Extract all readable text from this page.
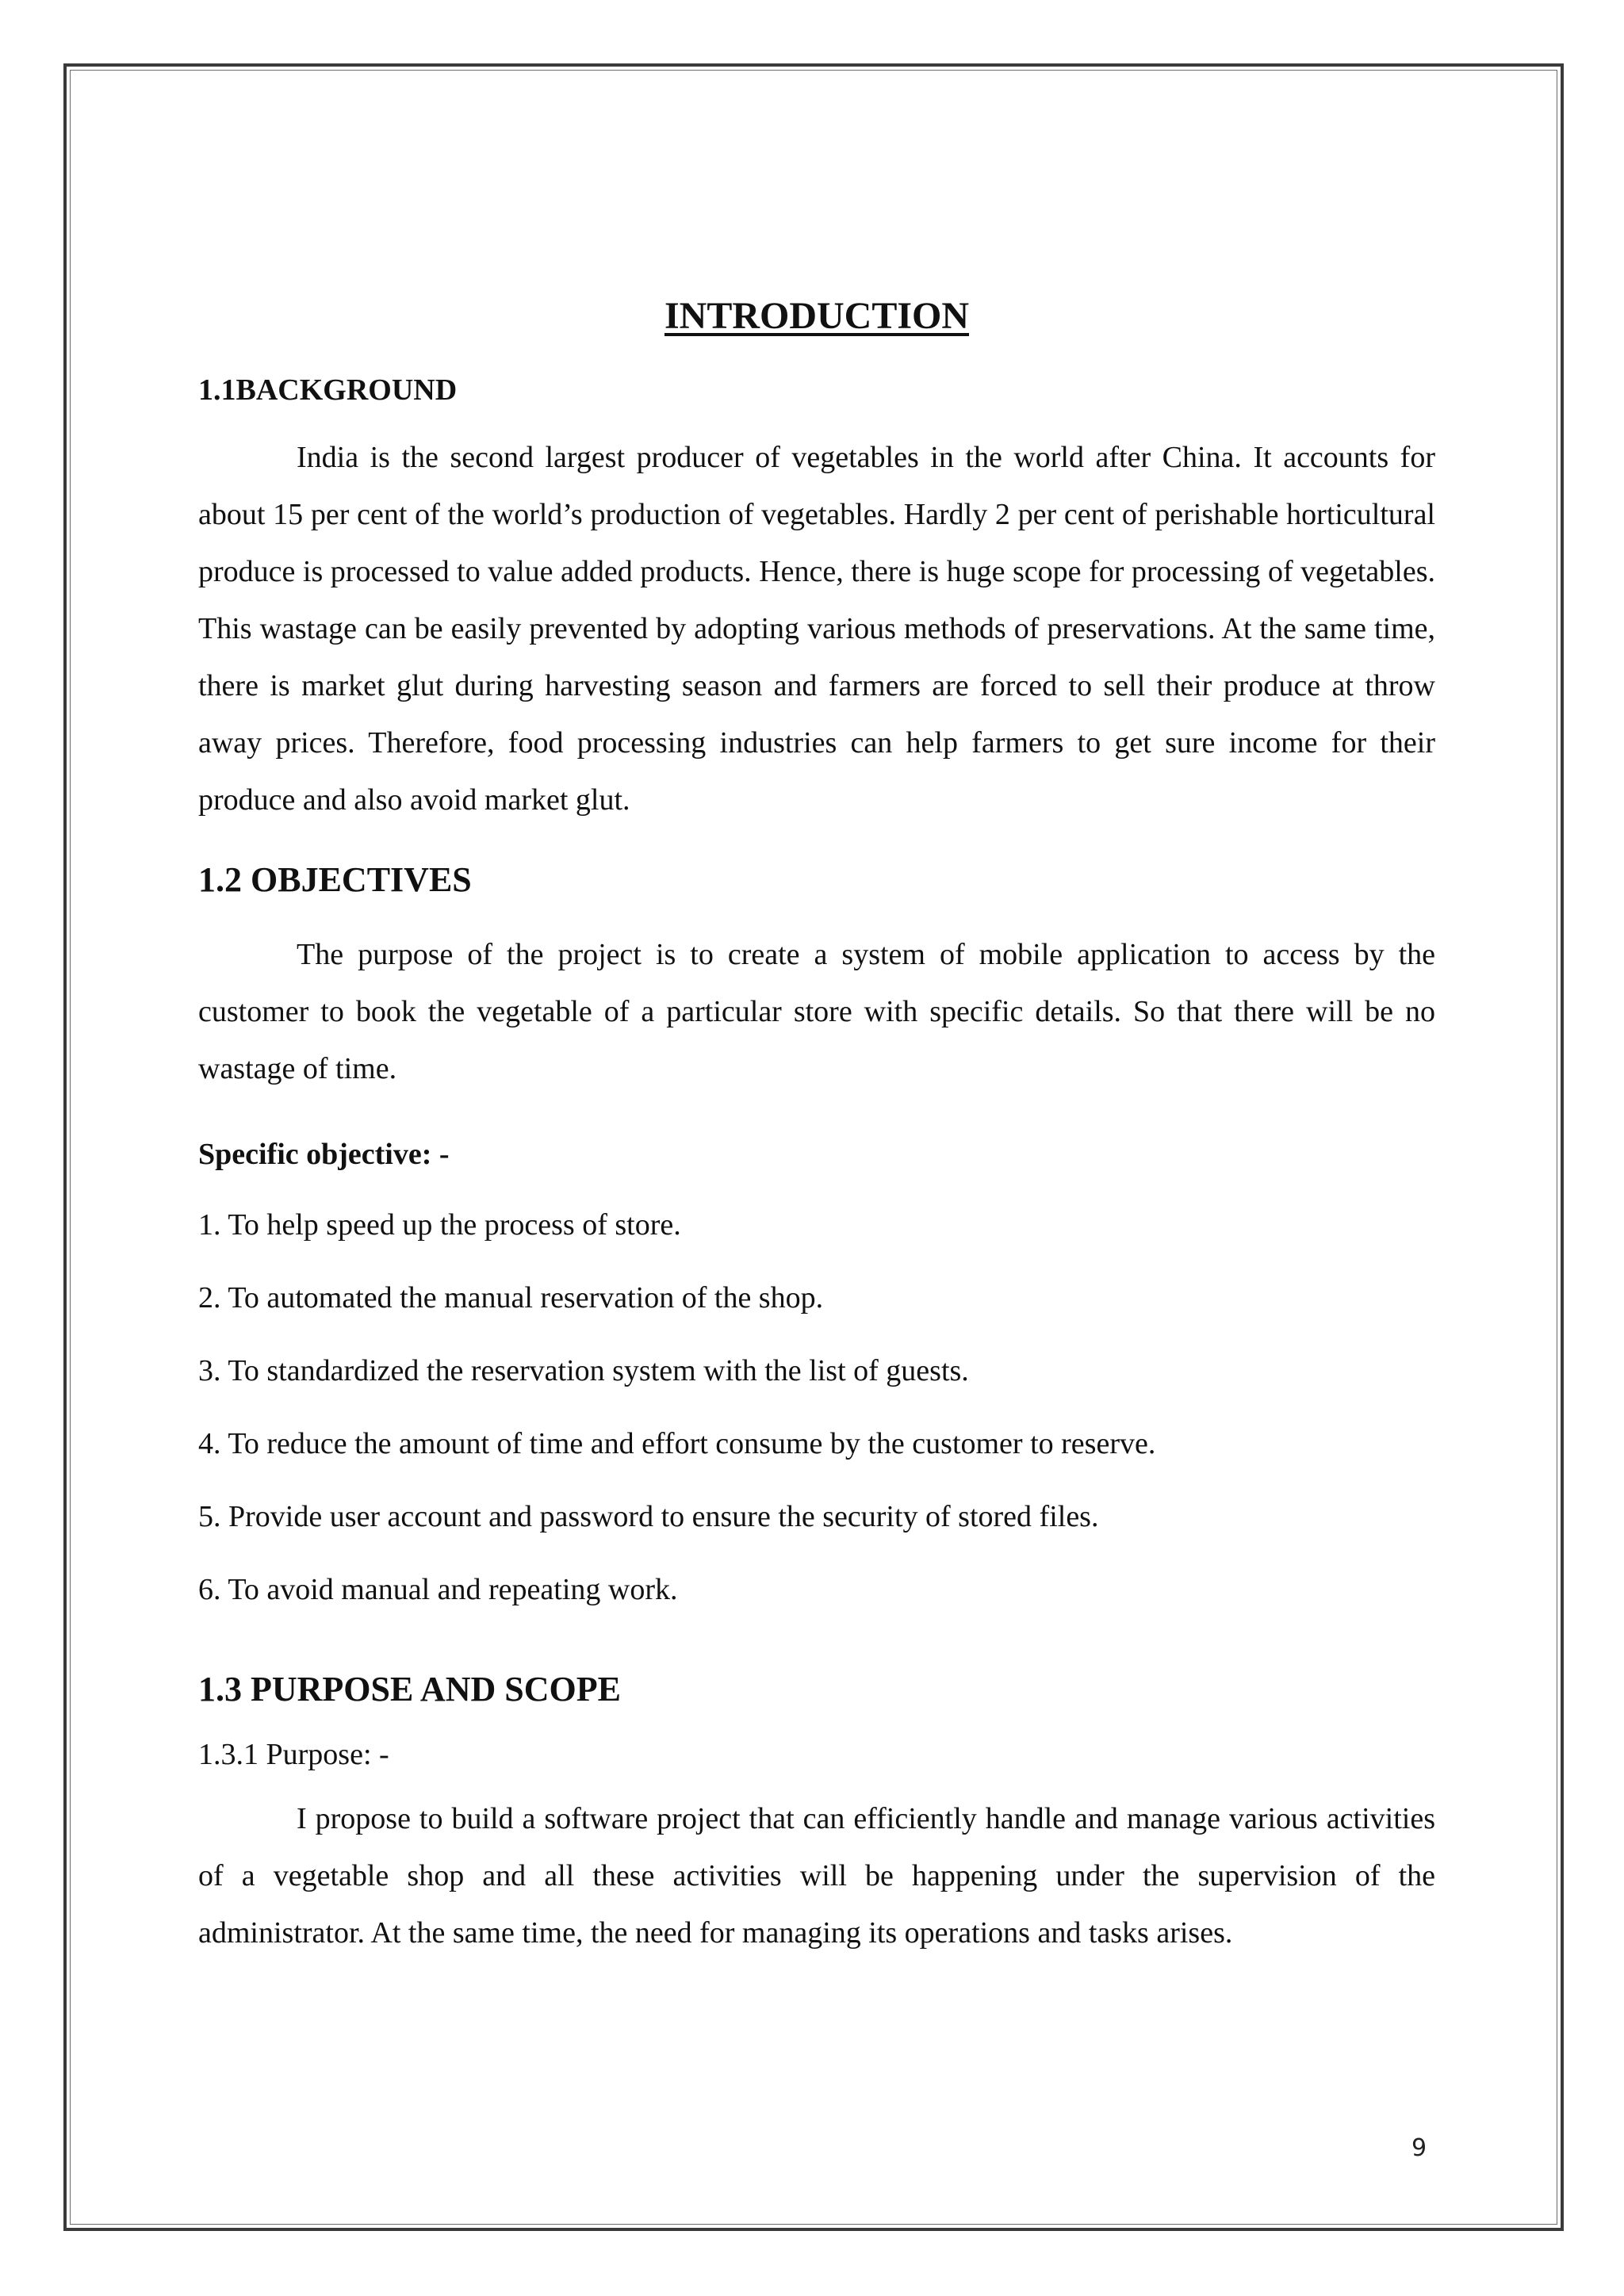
INTRODUCTION
1.1BACKGROUND

India is the second largest producer of vegetables in the world after China. It accounts for about 15 per cent of the world’s production of vegetables. Hardly 2 per cent of perishable horticultural produce is processed to value added products. Hence, there is huge scope for processing of vegetables. This wastage can be easily prevented by adopting various methods of preservations. At the same time, there is market glut during harvesting season and farmers are forced to sell their produce at throw away prices. Therefore, food processing industries can help farmers to get sure income for their produce and also avoid market glut.

1.2 OBJECTIVES

The purpose of the project is to create a system of mobile application to access by the customer to book the vegetable of a particular store with specific details. So that there will be no wastage of time.

Specific objective: -
1. To help speed up the process of store.
2. To automated the manual reservation of the shop.
3. To standardized the reservation system with the list of guests.
4. To reduce the amount of time and effort consume by the customer to reserve.
5. Provide user account and password to ensure the security of stored files.
6. To avoid manual and repeating work.
1.3 PURPOSE AND SCOPE
1.3.1 Purpose: -

I propose to build a software project that can efficiently handle and manage various activities of a vegetable shop and all these activities will be happening under the supervision of the administrator. At the same time, the need for managing its operations and tasks arises.

9
